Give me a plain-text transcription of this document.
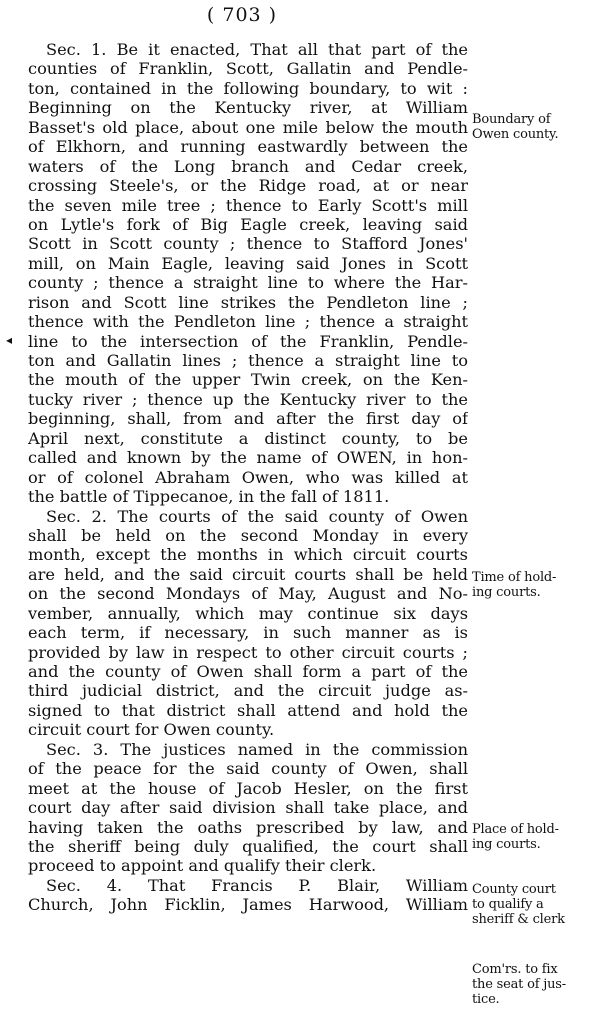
( 703 )
◂
Sec. 1. Be it enacted, That all that part of the
counties of Franklin, Scott, Gallatin and Pendle-
ton, contained in the following boundary, to wit :
Beginning on the Kentucky river, at William
Basset's old place, about one mile below the mouth
of Elkhorn, and running eastwardly between the
waters of the Long branch and Cedar creek,
crossing Steele's, or the Ridge road, at or near
the seven mile tree ; thence to Early Scott's mill
on Lytle's fork of Big Eagle creek, leaving said
Scott in Scott county ; thence to Stafford Jones'
mill, on Main Eagle, leaving said Jones in Scott
county ; thence a straight line to where the Har-
rison and Scott line strikes the Pendleton line ;
thence with the Pendleton line ; thence a straight
line to the intersection of the Franklin, Pendle-
ton and Gallatin lines ; thence a straight line to
the mouth of the upper Twin creek, on the Ken-
tucky river ; thence up the Kentucky river to the
beginning, shall, from and after the first day of
April next, constitute a distinct county, to be
called and known by the name of OWEN, in hon-
or of colonel Abraham Owen, who was killed at
the battle of Tippecanoe, in the fall of 1811.
Sec. 2. The courts of the said county of Owen
shall be held on the second Monday in every
month, except the months in which circuit courts
are held, and the said circuit courts shall be held
on the second Mondays of May, August and No-
vember, annually, which may continue six days
each term, if necessary, in such manner as is
provided by law in respect to other circuit courts ;
and the county of Owen shall form a part of the
third judicial district, and the circuit judge as-
signed to that district shall attend and hold the
circuit court for Owen county.
Sec. 3. The justices named in the commission
of the peace for the said county of Owen, shall
meet at the house of Jacob Hesler, on the first
court day after said division shall take place, and
having taken the oaths prescribed by law, and
the sheriff being duly qualified, the court shall
proceed to appoint and qualify their clerk.
Sec. 4. That Francis P. Blair, William
Church, John Ficklin, James Harwood, William
Boundary of
Owen county.
Time of hold-
ing courts.
Place of hold-
ing courts.
County court
to qualify a
sheriff & clerk
Com'rs. to fix
the seat of jus-
tice.
